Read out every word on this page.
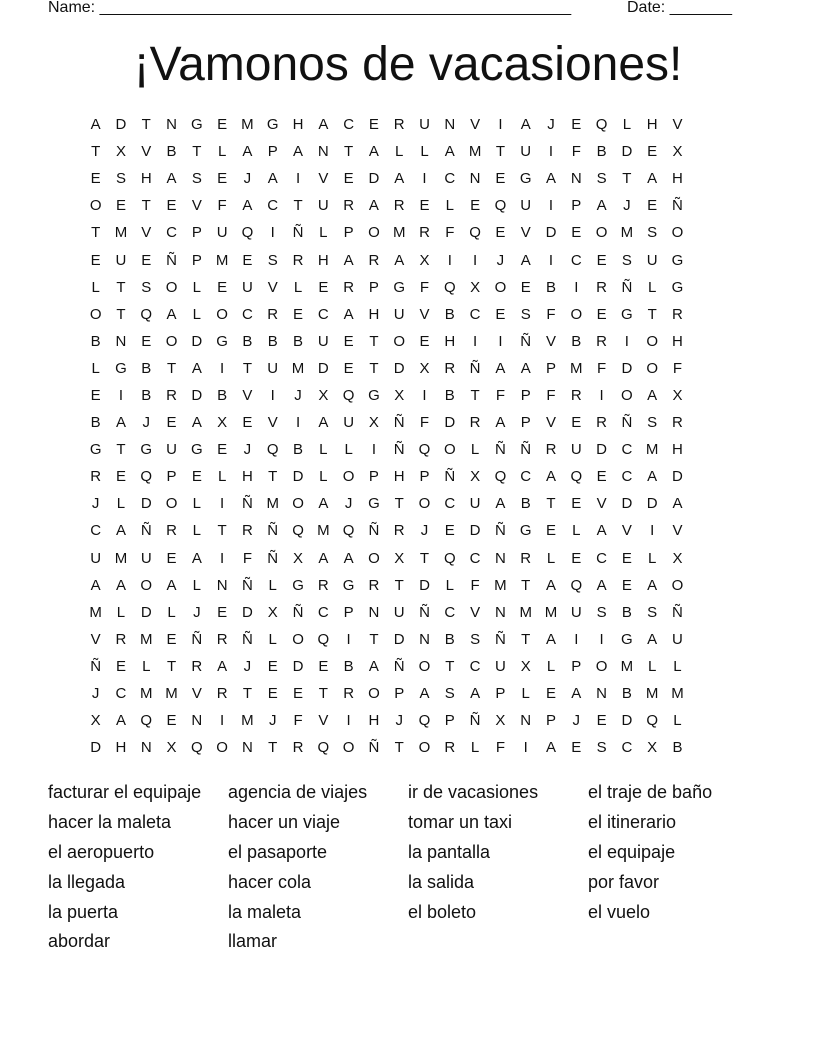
Name: _____________________________________________________	Date: _______
¡Vamonos de vacasiones!
A D	T	N G E M G H A C E R U N V	I	A	J	E Q	L	H V
T	X	V	B	T	L	A	P	A N	T	A	L	L	A M T	U	I	F	B D E	X
E	S H A	S	E	J	A	I	V	E D A	I	C N E G A N S	T	A H
O E	T	E	V	F	A C	T	U R A R E	L	E Q U	I	P	A	J	E Ñ
T M V C P U Q	I	Ñ	L	P O M R	F Q E	V D E O M S O
E U E Ñ P M E	S R H A R A	X	I	I	J	A	I	C E	S U G
L	T	S O	L	E U V	L	E R P G F Q X O E	B	I	R Ñ	L	G
O T Q A	L	O C R E C A H U V	B C E	S	F O E G T	R
B N E O D G B	B	B U E	T O E H	I	I	Ñ V	B R	I	O H
L	G B	T	A	I	T	U M D E	T	D X R Ñ A	A	P M F	D O F
E	I	B R D B	V	I	J	X Q G X	I	B	T	F	P	F	R	I	O A	X
B	A	J	E	A	X	E	V	I	A U X Ñ	F	D R A	P	V	E R Ñ S R
G T G U G E	J	Q B	L	L	I	Ñ Q O	L	Ñ Ñ R U D C M H
R E Q P	E	L	H	T	D	L	O P H P Ñ X Q C A Q E C A D
J	L	D O	L	I	Ñ M O A	J	G T O C U A	B	T	E	V D D A
C A Ñ R	L	T	R Ñ Q M Q Ñ R	J	E D Ñ G E	L	A	V	I	V
U M U E	A	I	F	Ñ X	A	A O X	T Q C N R	L	E C E	L	X
A	A O A	L	N Ñ	L	G R G R	T	D	L	F M T	A Q A	E	A O
M L	D	L	J	E D X Ñ C P N U Ñ C V N M M U S	B	S Ñ
V R M E Ñ R Ñ	L	O Q	I	T	D N B	S Ñ	T	A	I	I	G A U
Ñ E	L	T	R A	J	E D E	B	A Ñ O T	C U X	L	P O M L	L
J	C M M V R	T	E	E	T	R O P	A	S	A	P	L	E	A N B M M
X	A Q E N	I	M	J	F	V	I	H	J	Q P Ñ X N P	J	E D Q	L
D H N X Q O N	T	R Q O Ñ	T O R	L	F	I	A	E	S C X	B
facturar el equipaje	agencia de viajes	ir de vacasiones	el traje de baño
hacer la maleta	hacer un viaje	tomar un taxi	el itinerario
el aeropuerto	el pasaporte	la pantalla	el equipaje
la llegada	hacer cola	la salida	por favor
la puerta	la maleta	el boleto	el vuelo
abordar	llamar
